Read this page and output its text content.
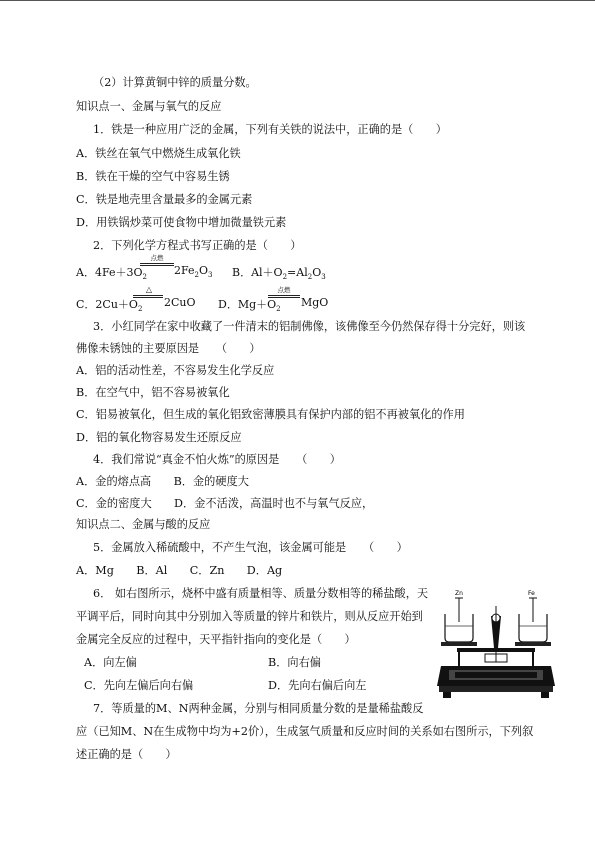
（2）计算黄铜中锌的质量分数。
知识点一、金属与氧气的反应
1．铁是一种应用广泛的金属，下列有关铁的说法中，正确的是（　　）
A．铁丝在氧气中燃烧生成氧化铁
B．铁在干燥的空气中容易生锈
C．铁是地壳里含量最多的金属元素
D．用铁锅炒菜可使食物中增加微量铁元素
2．下列化学方程式书写正确的是（　　）
A．$4Fe+3O_2$
点燃
$2Fe_2O_3$ B．$Al+O_2=Al_2O_3$
C．$2Cu+O_2$
△
2CuO D．$Mg+O_2$
点燃
MgO
3．小红同学在家中收藏了一件清末的铝制佛像，该佛像至今仍然保存得十分完好，则该
佛像未锈蚀的主要原因是　　（　　）
A．铝的活动性差，不容易发生化学反应
B．在空气中，铝不容易被氧化
C．铝易被氧化，但生成的氧化铝致密薄膜具有保护内部的铝不再被氧化的作用
D．铝的氧化物容易发生还原反应
4．我们常说“真金不怕火炼”的原因是　　（　　）
A．金的熔点高　　B．金的硬度大
C．金的密度大　　D．金不活泼，高温时也不与氧气反应，
知识点二、金属与酸的反应
5．金属放入稀硫酸中，不产生气泡，该金属可能是　　（　　）
A．Mg　　B．Al　　C．Zn　　D．Ag
6． 如右图所示，烧杯中盛有质量相等、质量分数相等的稀盐酸，天
平调平后，同时向其中分别加入等质量的锌片和铁片，则从反应开始到
金属完全反应的过程中，天平指针指向的变化是（　　）
A．向左偏	B．向右偏
C．先向左偏后向右偏	D．先向右偏后向左
7．等质量的M、N两种金属，分别与相同质量分数的是量稀盐酸反
应（已知M、N在生成物中均为+2价），生成氢气质量和反应时间的关系如右图所示，下列叙
述正确的是（　　）
Zn	Fe
